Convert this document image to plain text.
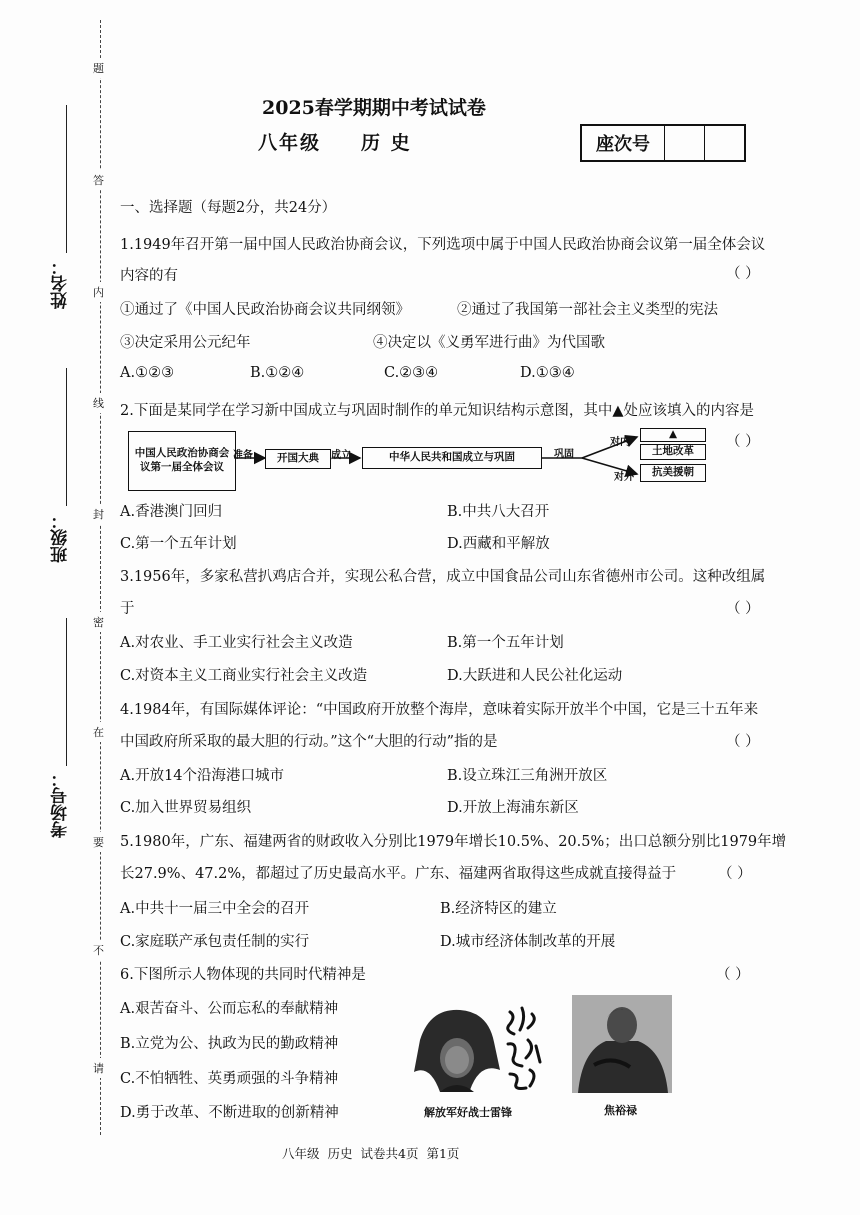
题
答
内
线
封
密
在
要
不
请
姓名：
班级：
考场号：
2025春学期期中考试试卷
八年级 历 史	座次号
一、选择题（每题2分，共24分）
1.1949年召开第一届中国人民政治协商会议，下列选项中属于中国人民政治协商会议第一届全体会议
内容的有	（ ）
①通过了《中国人民政治协商会议共同纲领》	②通过了我国第一部社会主义类型的宪法
③决定采用公元纪年	④决定以《义勇军进行曲》为代国歌
A.①②③	B.①②④	C.②③④	D.①③④
2.下面是某同学在学习新中国成立与巩固时制作的单元知识结构示意图，其中▲处应该填入的内容是
（ ）
中国人民政治协商会议第一届全体会议
准备	开国大典	成立	中华人民共和国成立与巩固	巩固
对内
对外
▲
土地改革
抗美援朝
A.香港澳门回归	B.中共八大召开
C.第一个五年计划	D.西藏和平解放
3.1956年，多家私营扒鸡店合并，实现公私合营，成立中国食品公司山东省德州市公司。这种改组属
于	（ ）
A.对农业、手工业实行社会主义改造	B.第一个五年计划
C.对资本主义工商业实行社会主义改造	D.大跃进和人民公社化运动
4.1984年，有国际媒体评论：“中国政府开放整个海岸，意味着实际开放半个中国，它是三十五年来
中国政府所采取的最大胆的行动。”这个“大胆的行动”指的是	（ ）
A.开放14个沿海港口城市	B.设立珠江三角洲开放区
C.加入世界贸易组织	D.开放上海浦东新区
5.1980年，广东、福建两省的财政收入分别比1979年增长10.5%、20.5%；出口总额分别比1979年增
长27.9%、47.2%，都超过了历史最高水平。广东、福建两省取得这些成就直接得益于	（ ）
A.中共十一届三中全会的召开	B.经济特区的建立
C.家庭联产承包责任制的实行	D.城市经济体制改革的开展
6.下图所示人物体现的共同时代精神是	（ ）
A.艰苦奋斗、公而忘私的奉献精神
B.立党为公、执政为民的勤政精神
C.不怕牺牲、英勇顽强的斗争精神
D.勇于改革、不断进取的创新精神	解放军好战士雷锋	焦裕禄
八年级 历史 试卷共4页 第1页
